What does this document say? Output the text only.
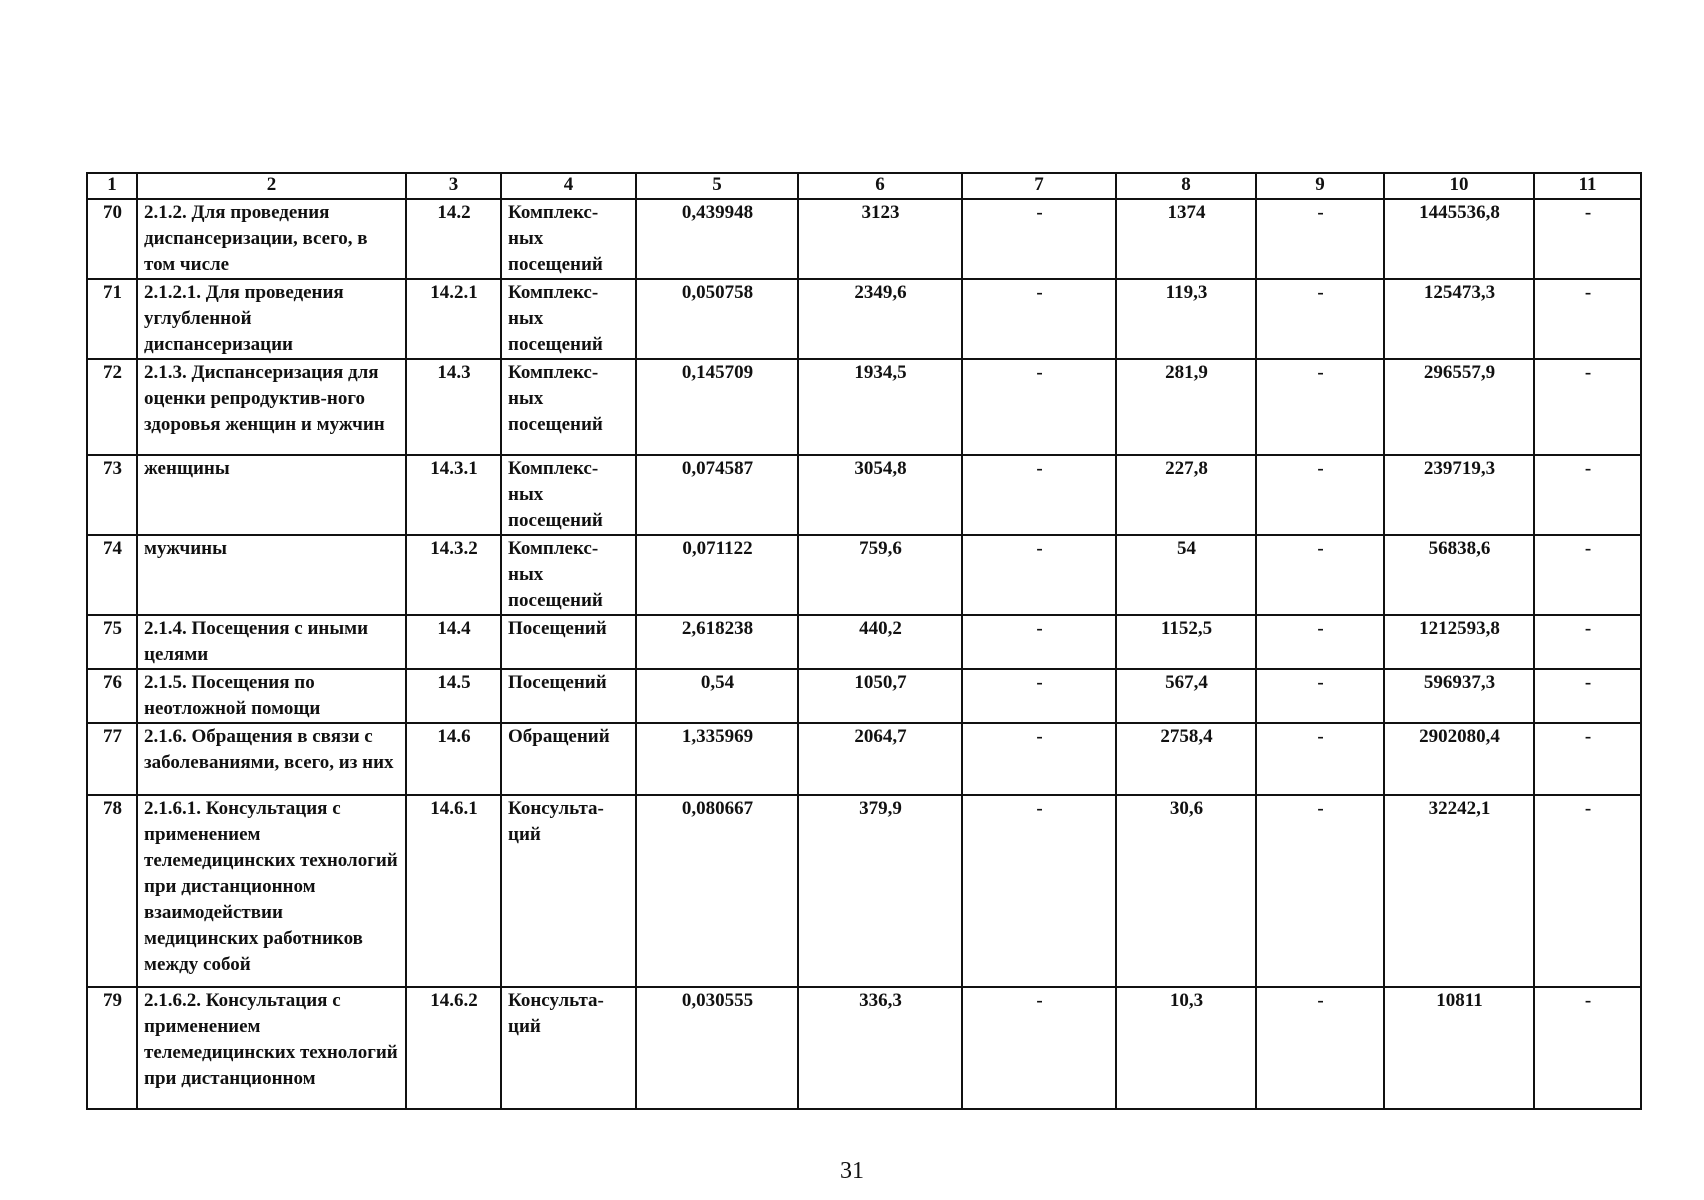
1	2	3	4	5	6	7	8	9	10	11
70	2.1.2. Для проведения диспансеризации, всего, в том числе	14.2	Комплекс-ных посещений	0,439948	3123	-	1374	-	1445536,8	-
71	2.1.2.1. Для проведения углубленной диспансеризации	14.2.1	Комплекс-ных посещений	0,050758	2349,6	-	119,3	-	125473,3	-
72	2.1.3. Диспансеризация для оценки репродуктив-ного здоровья женщин и мужчин	14.3	Комплекс-ных посещений	0,145709	1934,5	-	281,9	-	296557,9	-
73	женщины	14.3.1	Комплекс-ных посещений	0,074587	3054,8	-	227,8	-	239719,3	-
74	мужчины	14.3.2	Комплекс-ных посещений	0,071122	759,6	-	54	-	56838,6	-
75	2.1.4. Посещения с иными целями	14.4	Посещений	2,618238	440,2	-	1152,5	-	1212593,8	-
76	2.1.5. Посещения по неотложной помощи	14.5	Посещений	0,54	1050,7	-	567,4	-	596937,3	-
77	2.1.6. Обращения в связи с заболеваниями, всего, из них	14.6	Обращений	1,335969	2064,7	-	2758,4	-	2902080,4	-
78	2.1.6.1. Консультация с применением телемедицинских технологий при дистанционном взаимодействии медицинских работников между собой	14.6.1	Консульта-ций	0,080667	379,9	-	30,6	-	32242,1	-
79	2.1.6.2. Консультация с применением телемедицинских технологий при дистанционном	14.6.2	Консульта-ций	0,030555	336,3	-	10,3	-	10811	-
31
